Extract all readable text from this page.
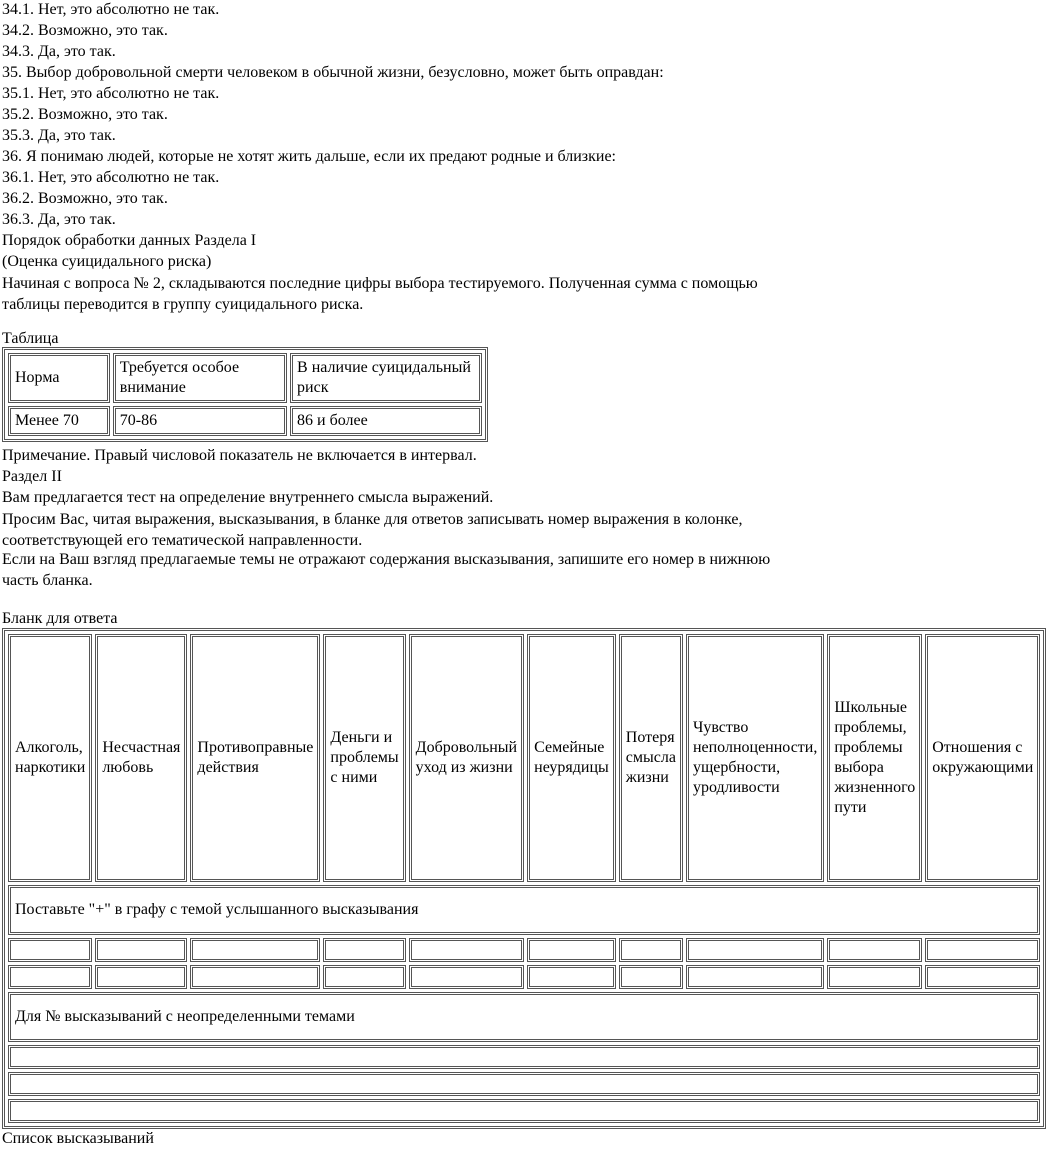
34.1. Нет, это абсолютно не так.
34.2. Возможно, это так.
34.3. Да, это так.
35. Выбор добровольной смерти человеком в обычной жизни, безусловно, может быть оправдан:
35.1. Нет, это абсолютно не так.
35.2. Возможно, это так.
35.3. Да, это так.
36. Я понимаю людей, которые не хотят жить дальше, если их предают родные и близкие:
36.1. Нет, это абсолютно не так.
36.2. Возможно, это так.
36.3. Да, это так.
Порядок обработки данных Раздела I
(Оценка суицидального риска)
Начиная с вопроса № 2, складываются последние цифры выбора тестируемого. Полученная сумма с помощью таблицы переводится в группу суицидального риска.
Таблица
Норма	Требуется особое внимание	В наличие суицидальный риск
Менее 70	70-86	86 и более
Примечание. Правый числовой показатель не включается в интервал.
Раздел II
Вам предлагается тест на определение внутреннего смысла выражений.
Просим Вас, читая выражения, высказывания, в бланке для ответов записывать номер выражения в колонке, соответствующей его тематической направленности.
Если на Ваш взгляд предлагаемые темы не отражают содержания высказывания, запишите его номер в нижнюю часть бланка.
Бланк для ответа
Алкоголь, наркотики	Несчастная любовь	Противоправные действия	Деньги и проблемы с ними	Добровольный уход из жизни	Семейные неурядицы	Потеря смысла жизни	Чувство неполноценности, ущербности, уродливости	Школьные проблемы, проблемы выбора жизненного пути	Отношения с окружающими
Поставьте "+" в графу с темой услышанного высказывания									

Для № высказываний с неопределенными темами									

Список высказываний
